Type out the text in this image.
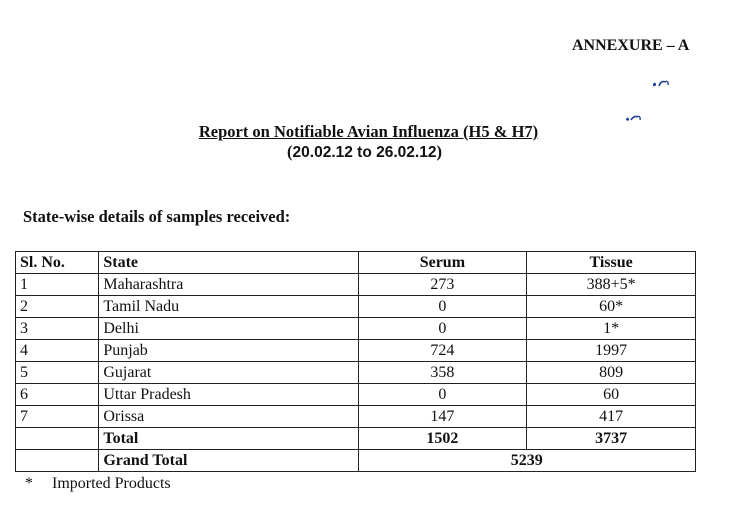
ANNEXURE – A
Report on Notifiable Avian Influenza (H5 & H7)
(20.02.12 to 26.02.12)
State-wise details of samples received:
Sl. No.	State	Serum	Tissue
1	Maharashtra	273	388+5*
2	Tamil Nadu	0	60*
3	Delhi	0	1*
4	Punjab	724	1997
5	Gujarat	358	809
6	Uttar Pradesh	0	60
7	Orissa	147	417
	Total	1502	3737
	Grand Total	5239	
* Imported Products
